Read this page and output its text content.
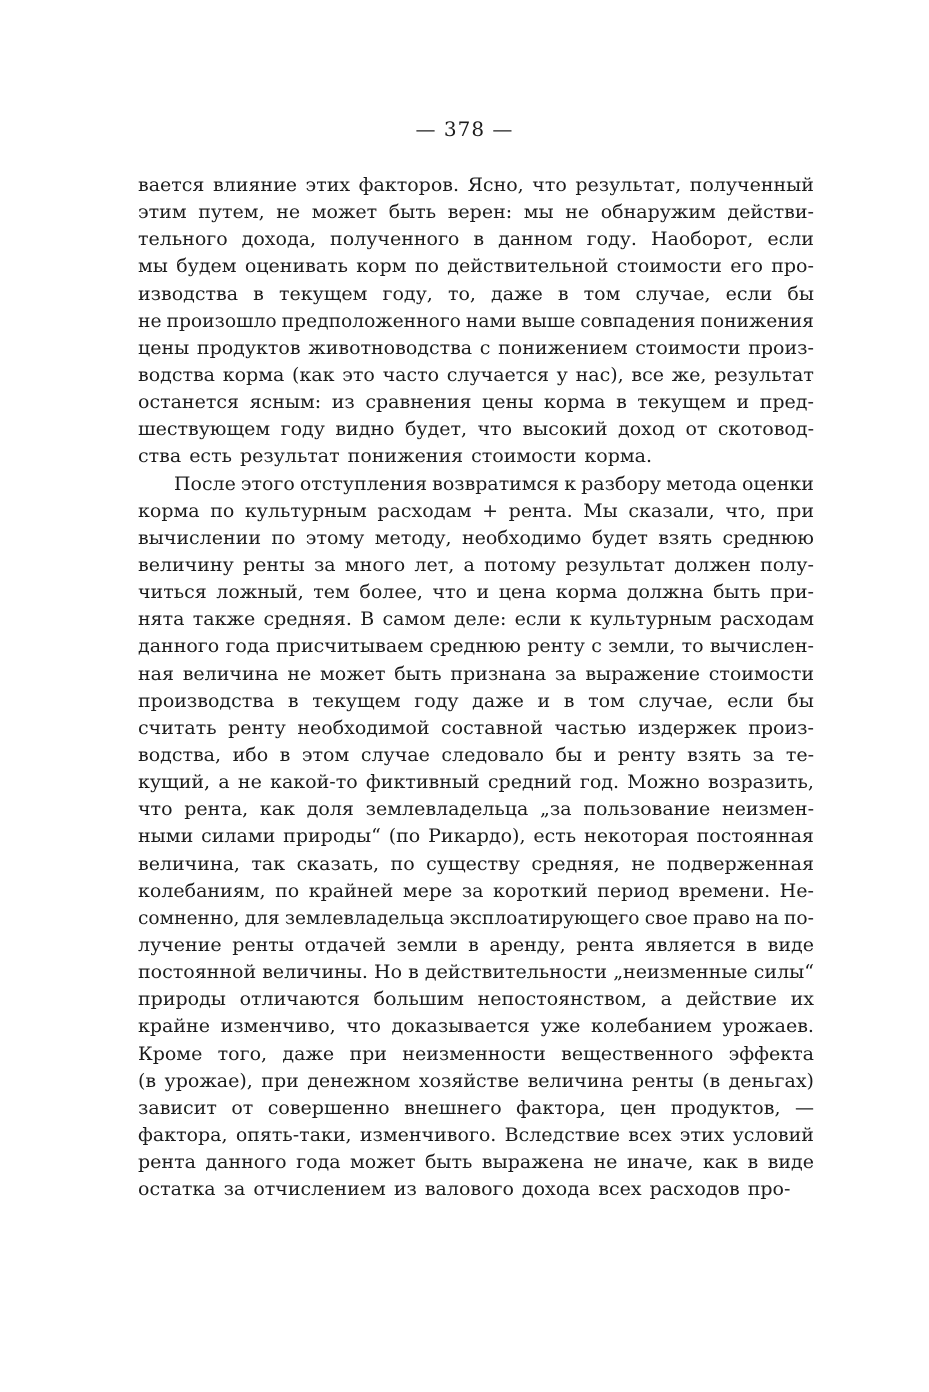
— 378 —
вается влияние этих факторов. Ясно, что результат, полученный
этим путем, не может быть верен: мы не обнаружим действи-
тельного дохода, полученного в данном году. Наоборот, если
мы будем оценивать корм по действительной стоимости его про-
изводства в текущем году, то, даже в том случае, если бы
не произошло предположенного нами выше совпадения понижения
цены продуктов животноводства с понижением стоимости произ-
водства корма (как это часто случается у нас), все же, результат
останется ясным: из сравнения цены корма в текущем и пред-
шествующем году видно будет, что высокий доход от скотовод-
ства есть результат понижения стоимости корма.
После этого отступления возвратимся к разбору метода оценки
корма по культурным расходам + рента. Мы сказали, что, при
вычислении по этому методу, необходимо будет взять среднюю
величину ренты за много лет, а потому результат должен полу-
читься ложный, тем более, что и цена корма должна быть при-
нята также средняя. В самом деле: если к культурным расходам
данного года присчитываем среднюю ренту с земли, то вычислен-
ная величина не может быть признана за выражение стоимости
производства в текущем году даже и в том случае, если бы
считать ренту необходимой составной частью издержек произ-
водства, ибо в этом случае следовало бы и ренту взять за те-
кущий, а не какой-то фиктивный средний год. Можно возразить,
что рента, как доля землевладельца „за пользование неизмен-
ными силами природы“ (по Рикардо), есть некоторая постоянная
величина, так сказать, по существу средняя, не подверженная
колебаниям, по крайней мере за короткий период времени. Не-
сомненно, для землевладельца эксплоатирующего свое право на по-
лучение ренты отдачей земли в аренду, рента является в виде
постоянной величины. Но в действительности „неизменные силы“
природы отличаются большим непостоянством, а действие их
крайне изменчиво, что доказывается уже колебанием урожаев.
Кроме того, даже при неизменности вещественного эффекта
(в урожае), при денежном хозяйстве величина ренты (в деньгах)
зависит от совершенно внешнего фактора, цен продуктов, —
фактора, опять-таки, изменчивого. Вследствие всех этих условий
рента данного года может быть выражена не иначе, как в виде
остатка за отчислением из валового дохода всех расходов про-
